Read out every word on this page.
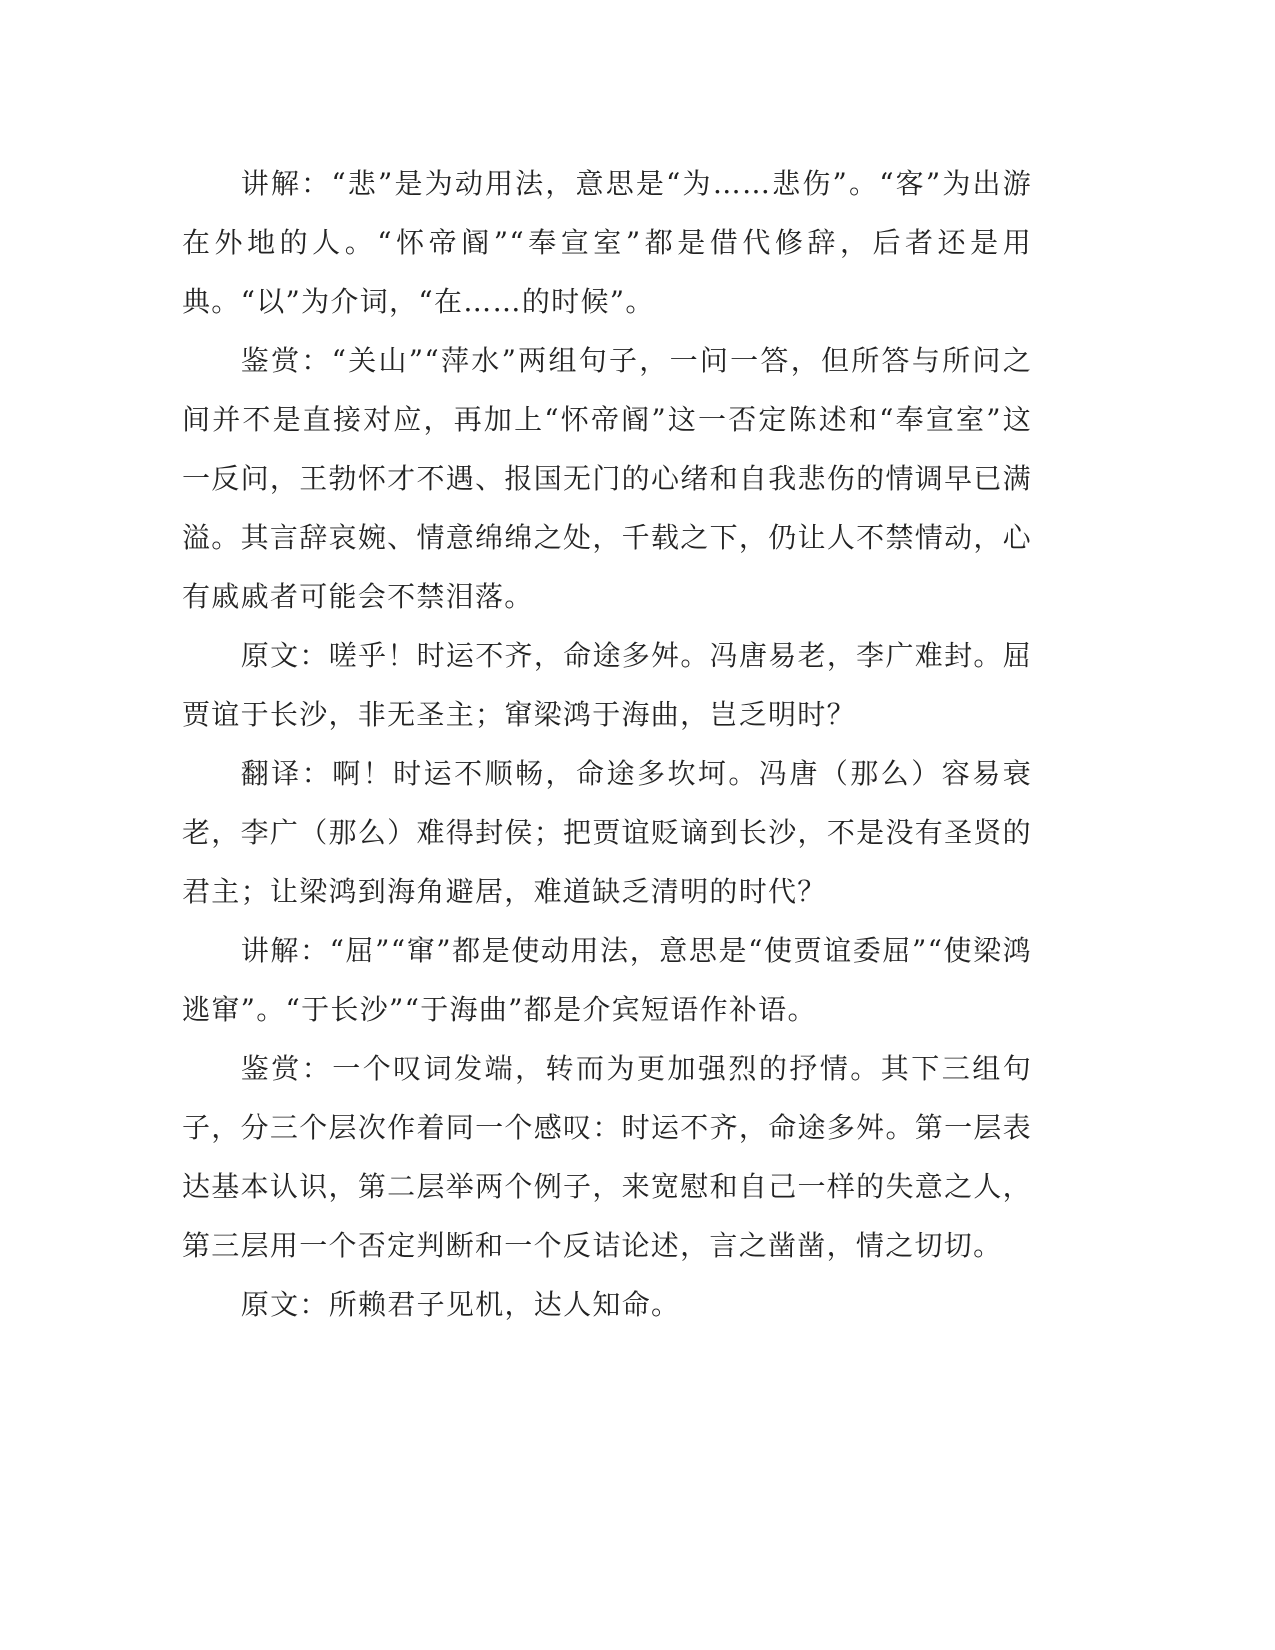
讲解：“悲”是为动用法，意思是“为……悲伤”。“客”为出游在外地的人。“怀帝阍”“奉宣室”都是借代修辞，后者还是用典。“以”为介词，“在……的时候”。

鉴赏：“关山”“萍水”两组句子，一问一答，但所答与所问之间并不是直接对应，再加上“怀帝阍”这一否定陈述和“奉宣室”这一反问，王勃怀才不遇、报国无门的心绪和自我悲伤的情调早已满溢。其言辞哀婉、情意绵绵之处，千载之下，仍让人不禁情动，心有戚戚者可能会不禁泪落。

原文：嗟乎！时运不齐，命途多舛。冯唐易老，李广难封。屈贾谊于长沙，非无圣主；窜梁鸿于海曲，岂乏明时？

翻译：啊！时运不顺畅，命途多坎坷。冯唐（那么）容易衰老，李广（那么）难得封侯；把贾谊贬谪到长沙，不是没有圣贤的君主；让梁鸿到海角避居，难道缺乏清明的时代？

讲解：“屈”“窜”都是使动用法，意思是“使贾谊委屈”“使梁鸿逃窜”。“于长沙”“于海曲”都是介宾短语作补语。

鉴赏：一个叹词发端，转而为更加强烈的抒情。其下三组句子，分三个层次作着同一个感叹：时运不齐，命途多舛。第一层表达基本认识，第二层举两个例子，来宽慰和自己一样的失意之人，第三层用一个否定判断和一个反诘论述，言之凿凿，情之切切。

原文：所赖君子见机，达人知命。
